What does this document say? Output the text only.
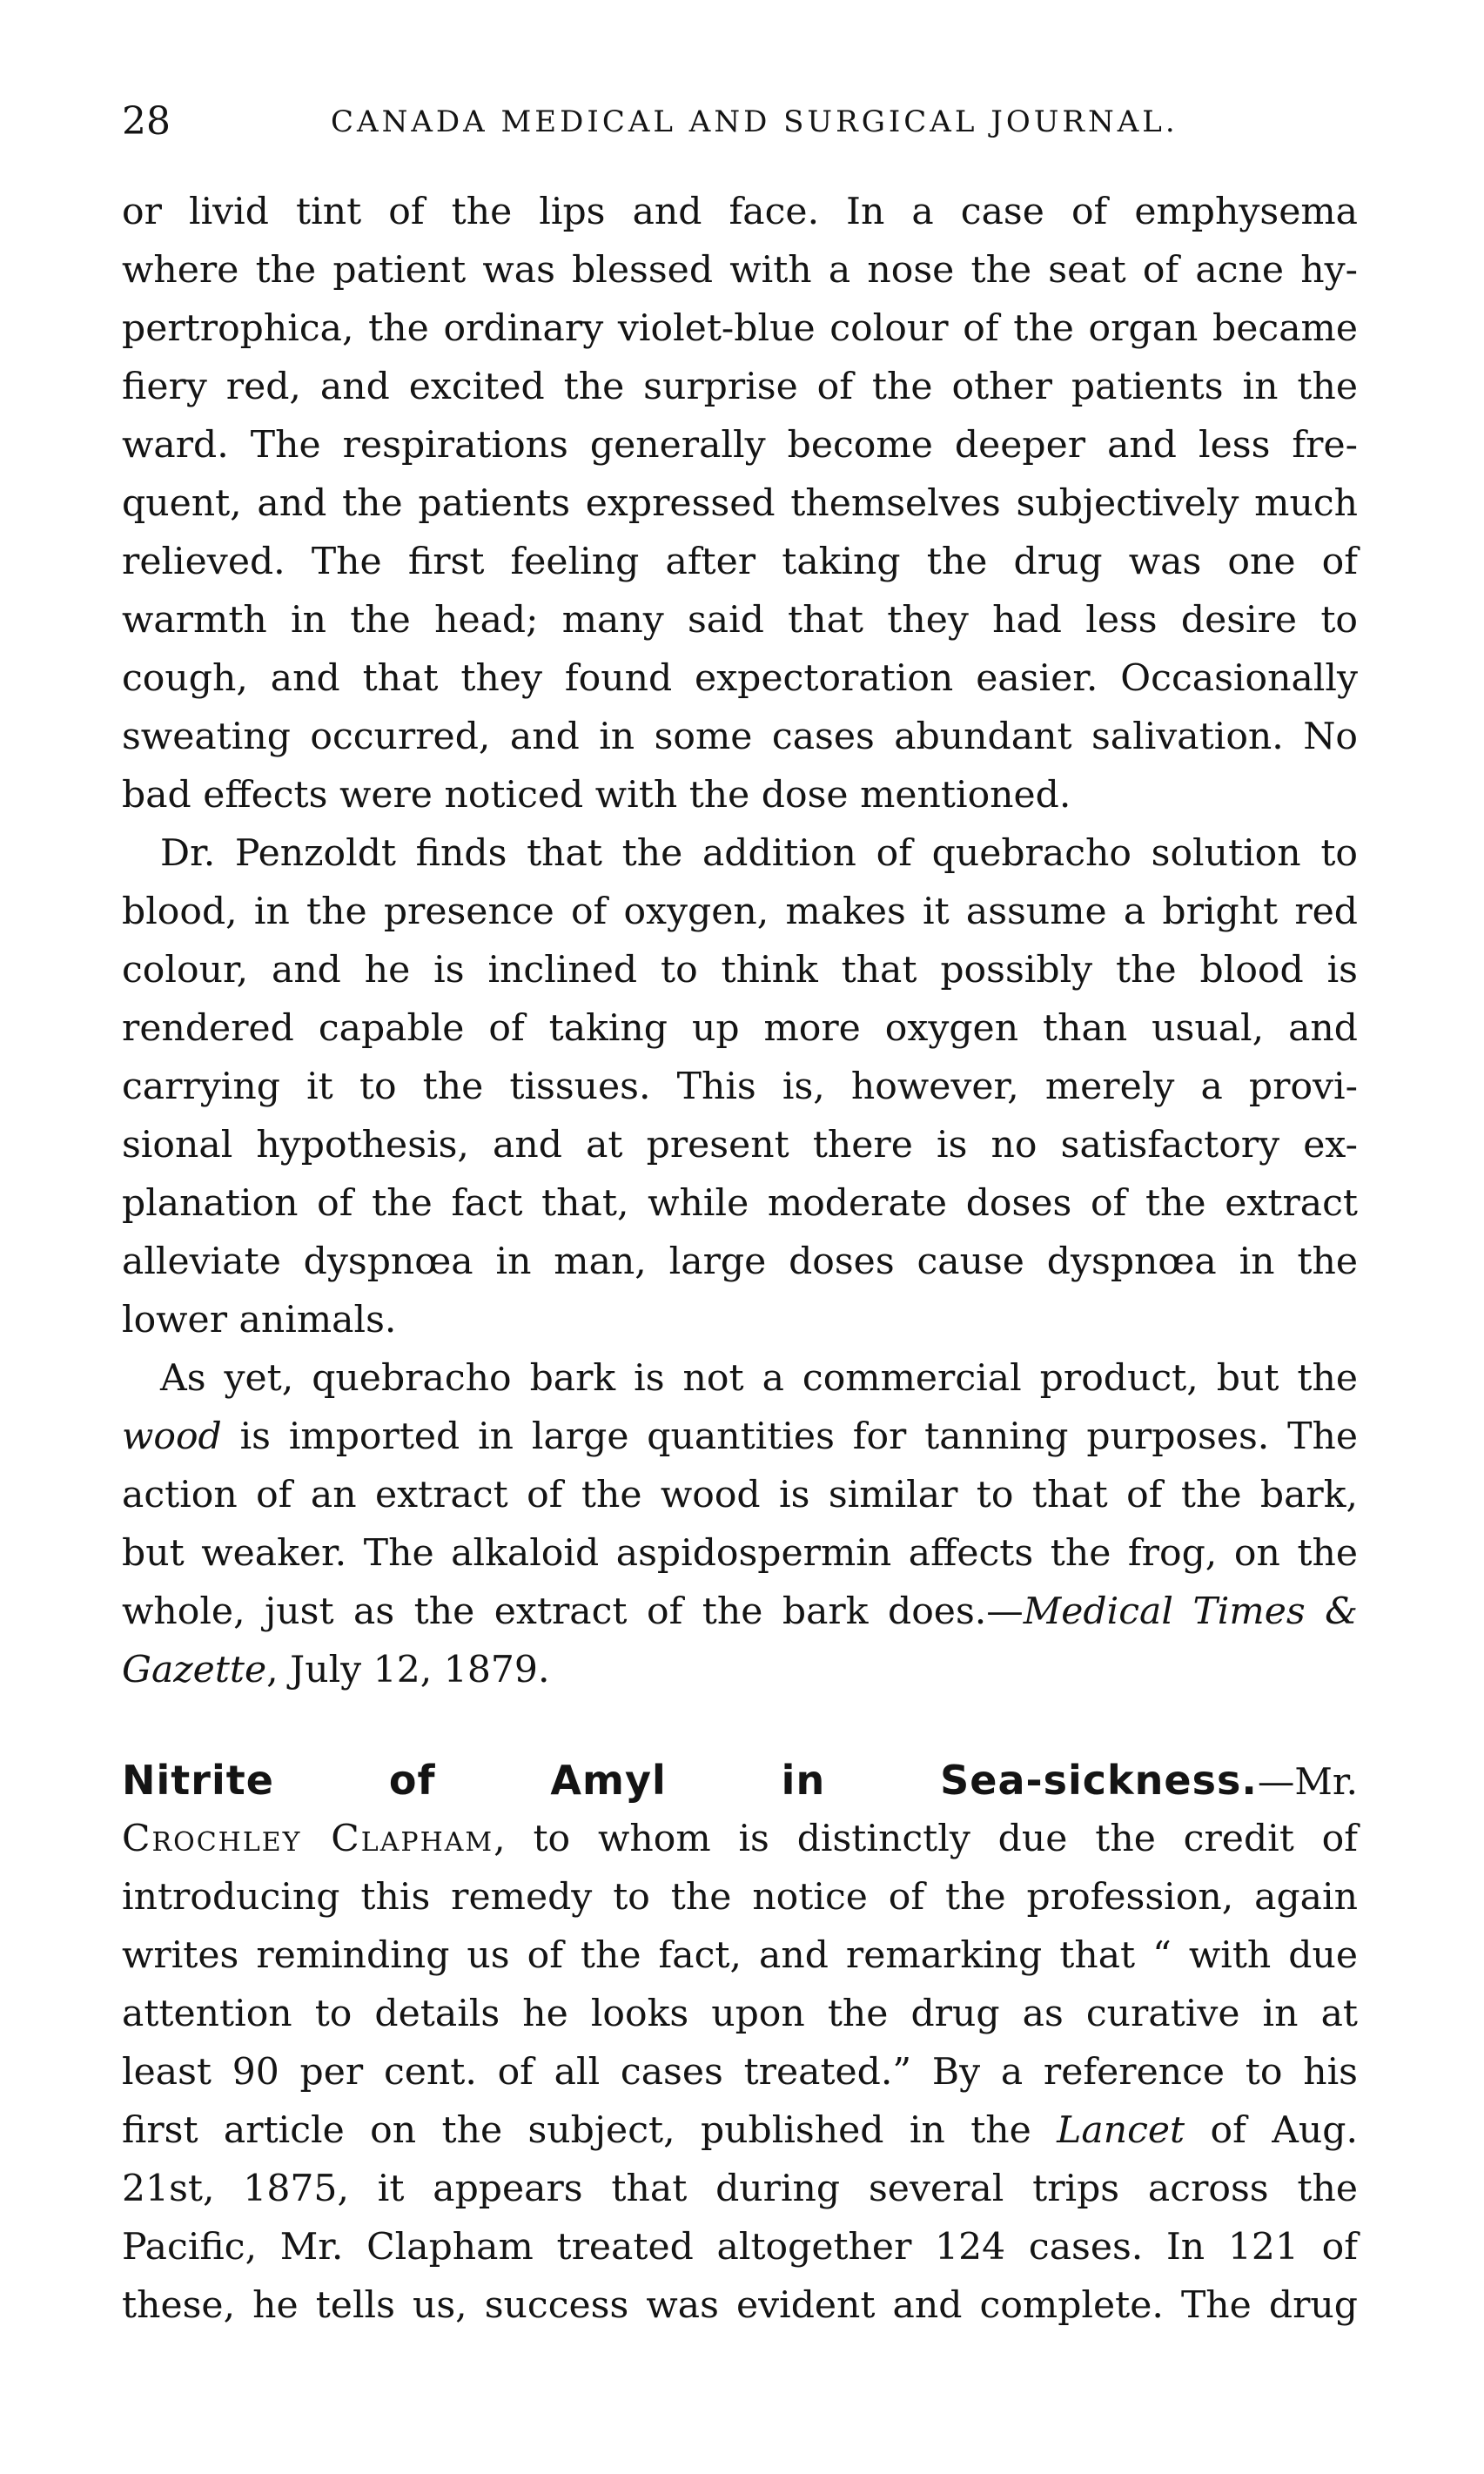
28	CANADA MEDICAL AND SURGICAL JOURNAL.
or livid tint of the lips and face. In a case of emphysema
where the patient was blessed with a nose the seat of acne hy-
pertrophica, the ordinary violet-blue colour of the organ became
fiery red, and excited the surprise of the other patients in the
ward. The respirations generally become deeper and less fre-
quent, and the patients expressed themselves subjectively much
relieved. The first feeling after taking the drug was one of
warmth in the head; many said that they had less desire to
cough, and that they found expectoration easier. Occasionally
sweating occurred, and in some cases abundant salivation. No
bad effects were noticed with the dose mentioned.
Dr. Penzoldt finds that the addition of quebracho solution to
blood, in the presence of oxygen, makes it assume a bright red
colour, and he is inclined to think that possibly the blood is
rendered capable of taking up more oxygen than usual, and
carrying it to the tissues. This is, however, merely a provi-
sional hypothesis, and at present there is no satisfactory ex-
planation of the fact that, while moderate doses of the extract
alleviate dyspnœa in man, large doses cause dyspnœa in the
lower animals.
As yet, quebracho bark is not a commercial product, but the
wood is imported in large quantities for tanning purposes. The
action of an extract of the wood is similar to that of the bark,
but weaker. The alkaloid aspidospermin affects the frog, on the
whole, just as the extract of the bark does.—Medical Times &
Gazette, July 12, 1879.
Nitrite of Amyl in Sea-sickness.—Mr.
Crochley Clapham, to whom is distinctly due the credit of
introducing this remedy to the notice of the profession, again
writes reminding us of the fact, and remarking that “ with due
attention to details he looks upon the drug as curative in at
least 90 per cent. of all cases treated.” By a reference to his
first article on the subject, published in the Lancet of Aug.
21st, 1875, it appears that during several trips across the
Pacific, Mr. Clapham treated altogether 124 cases. In 121 of
these, he tells us, success was evident and complete. The drug
